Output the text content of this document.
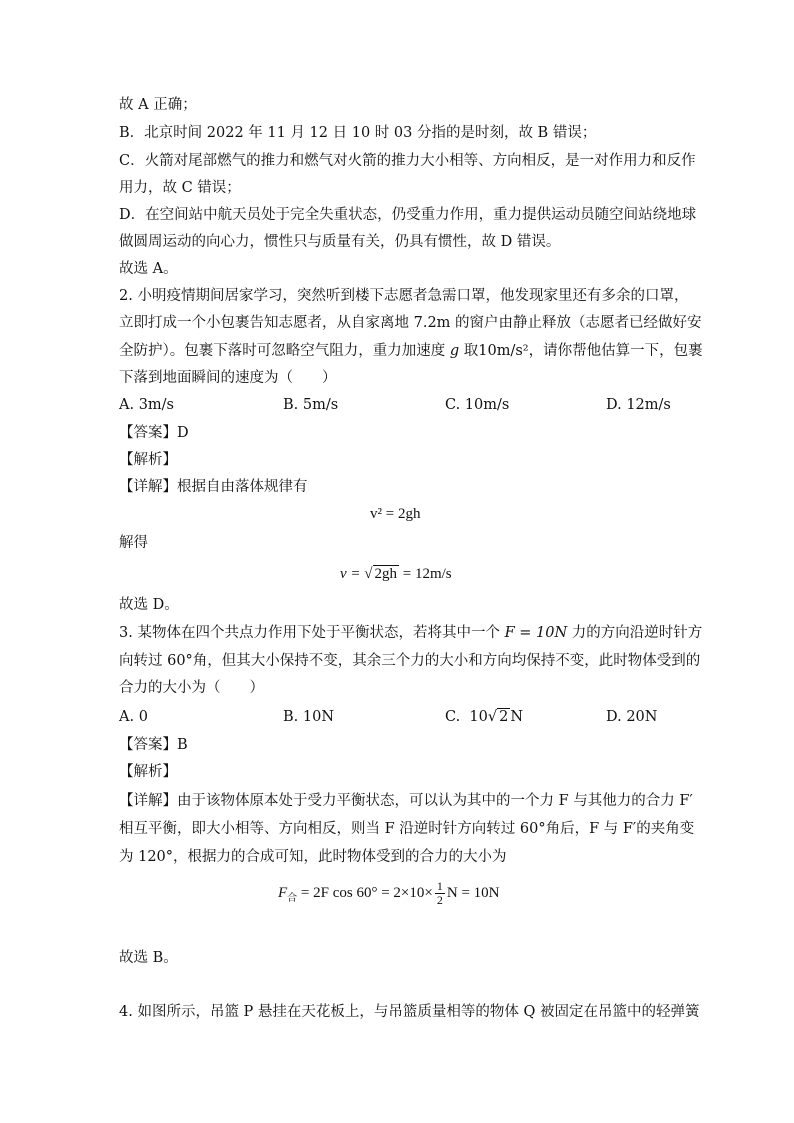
故 A 正确；
B．北京时间 2022 年 11 月 12 日 10 时 03 分指的是时刻，故 B 错误；
C．火箭对尾部燃气的推力和燃气对火箭的推力大小相等、方向相反，是一对作用力和反作
用力，故 C 错误；
D．在空间站中航天员处于完全失重状态，仍受重力作用，重力提供运动员随空间站绕地球
做圆周运动的向心力，惯性只与质量有关，仍具有惯性，故 D 错误。
故选 A。
2. 小明疫情期间居家学习，突然听到楼下志愿者急需口罩，他发现家里还有多余的口罩，
立即打成一个小包裹告知志愿者，从自家离地 7.2m 的窗户由静止释放（志愿者已经做好安
全防护）。包裹下落时可忽略空气阻力，重力加速度 g 取10m/s²，请你帮他估算一下，包裹
下落到地面瞬间的速度为（　　）
A. 3m/s	B. 5m/s	C. 10m/s	D. 12m/s
【答案】D
【解析】
【详解】根据自由落体规律有
v² = 2gh
解得
v = √ 2gh = 12m/s
故选 D。
3. 某物体在四个共点力作用下处于平衡状态，若将其中一个 F = 10N 力的方向沿逆时针方
向转过 60°角，但其大小保持不变，其余三个力的大小和方向均保持不变，此时物体受到的
合力的大小为（　　）
A. 0	B. 10N	C. 10√ 2 N	D. 20N
【答案】B
【解析】
【详解】由于该物体原本处于受力平衡状态，可以认为其中的一个力 F 与其他力的合力 F′
相互平衡，即大小相等、方向相反，则当 F 沿逆时针方向转过 60°角后，F 与 F′的夹角变
为 120°，根据力的合成可知，此时物体受到的合力的大小为
$F_合 = 2F$ $\cos 60^\circ = 2\times 10\times \frac{1}{2}$ N = 10N
故选 B。
4. 如图所示，吊篮 P 悬挂在天花板上，与吊篮质量相等的物体 Q 被固定在吊篮中的轻弹簧
